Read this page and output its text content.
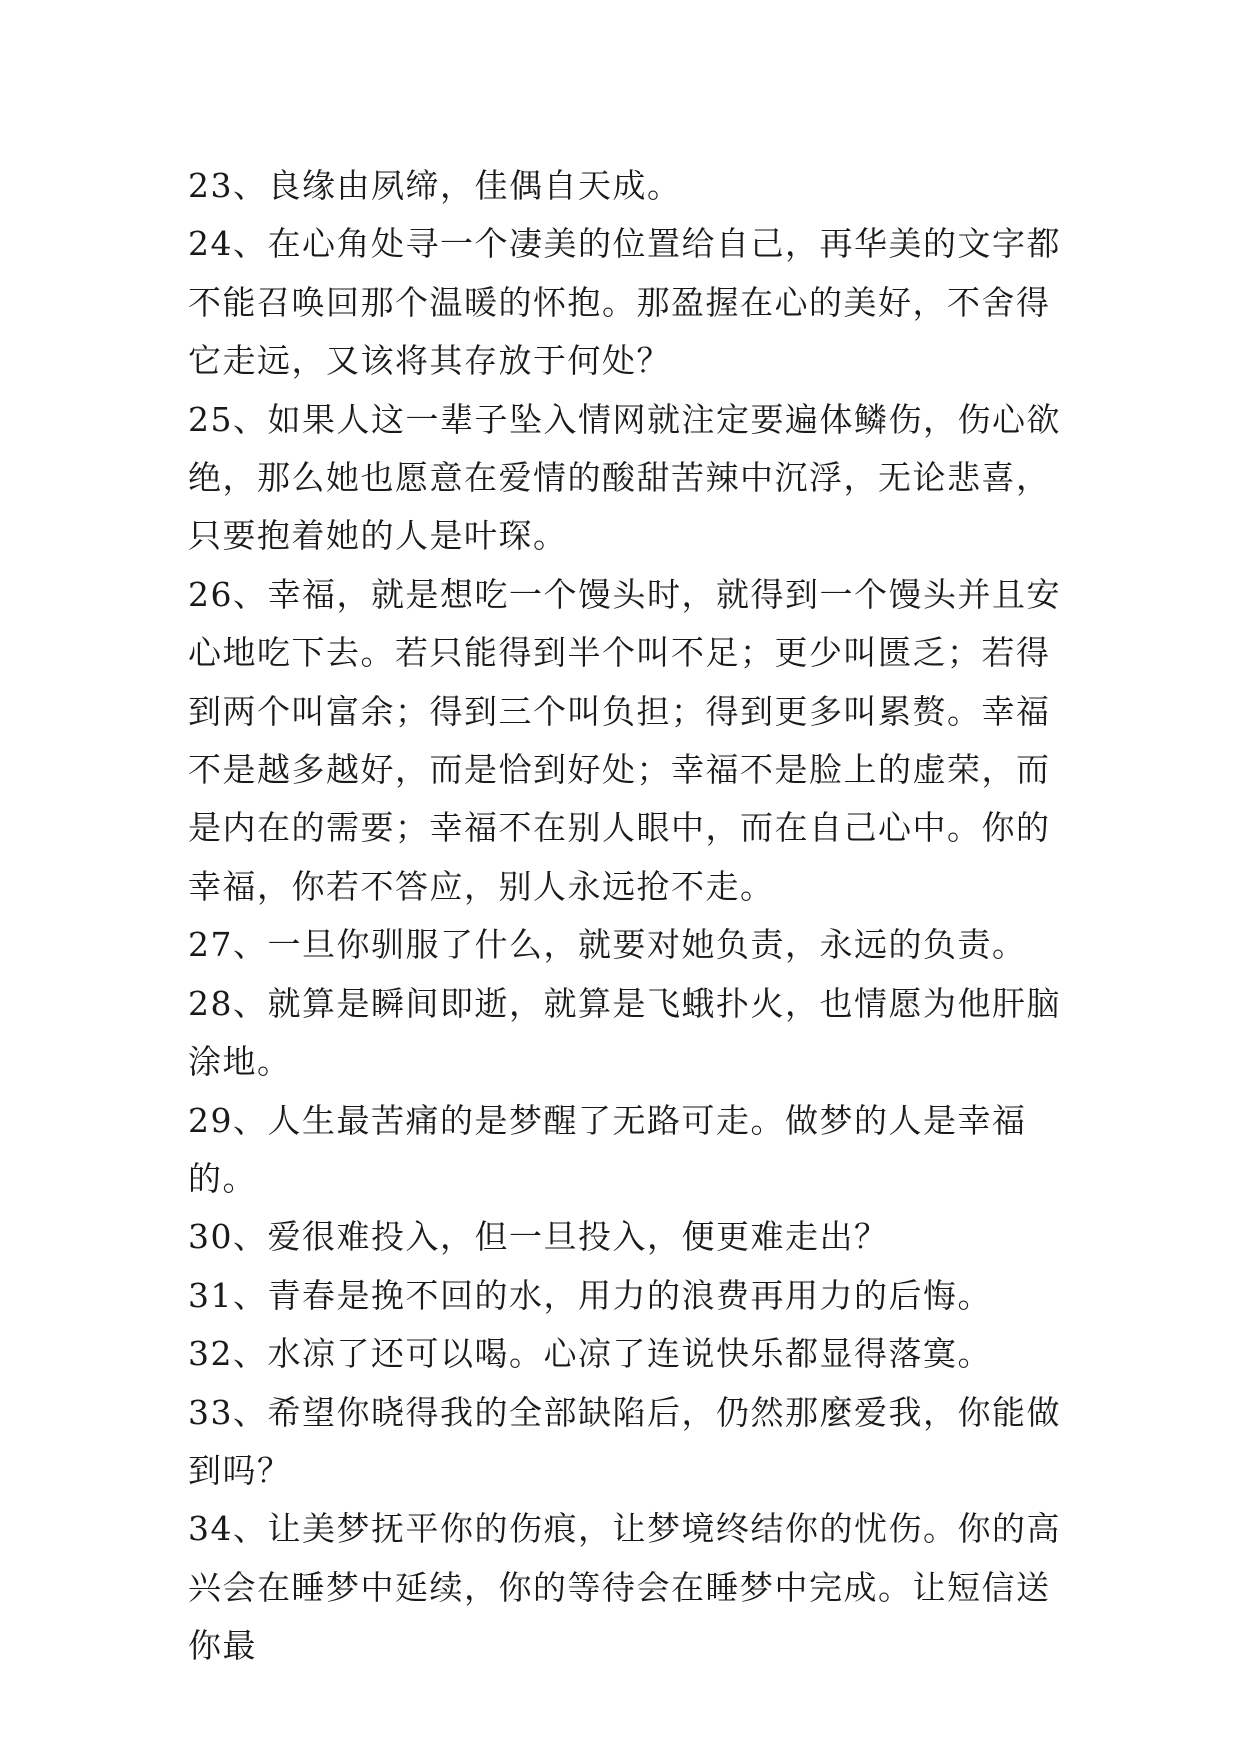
23、良缘由夙缔，佳偶自天成。

24、在心角处寻一个凄美的位置给自己，再华美的文字都不能召唤回那个温暖的怀抱。那盈握在心的美好，不舍得它走远，又该将其存放于何处？

25、如果人这一辈子坠入情网就注定要遍体鳞伤，伤心欲绝，那么她也愿意在爱情的酸甜苦辣中沉浮，无论悲喜，只要抱着她的人是叶琛。

26、幸福，就是想吃一个馒头时，就得到一个馒头并且安心地吃下去。若只能得到半个叫不足；更少叫匮乏；若得到两个叫富余；得到三个叫负担；得到更多叫累赘。幸福不是越多越好，而是恰到好处；幸福不是脸上的虚荣，而是内在的需要；幸福不在别人眼中，而在自己心中。你的幸福，你若不答应，别人永远抢不走。

27、一旦你驯服了什么，就要对她负责，永远的负责。

28、就算是瞬间即逝，就算是飞蛾扑火，也情愿为他肝脑涂地。

29、人生最苦痛的是梦醒了无路可走。做梦的人是幸福的。

30、爱很难投入，但一旦投入，便更难走出？

31、青春是挽不回的水，用力的浪费再用力的后悔。

32、水凉了还可以喝。心凉了连说快乐都显得落寞。

33、希望你晓得我的全部缺陷后，仍然那麼爱我，你能做到吗？

34、让美梦抚平你的伤痕，让梦境终结你的忧伤。你的高兴会在睡梦中延续，你的等待会在睡梦中完成。让短信送你最
